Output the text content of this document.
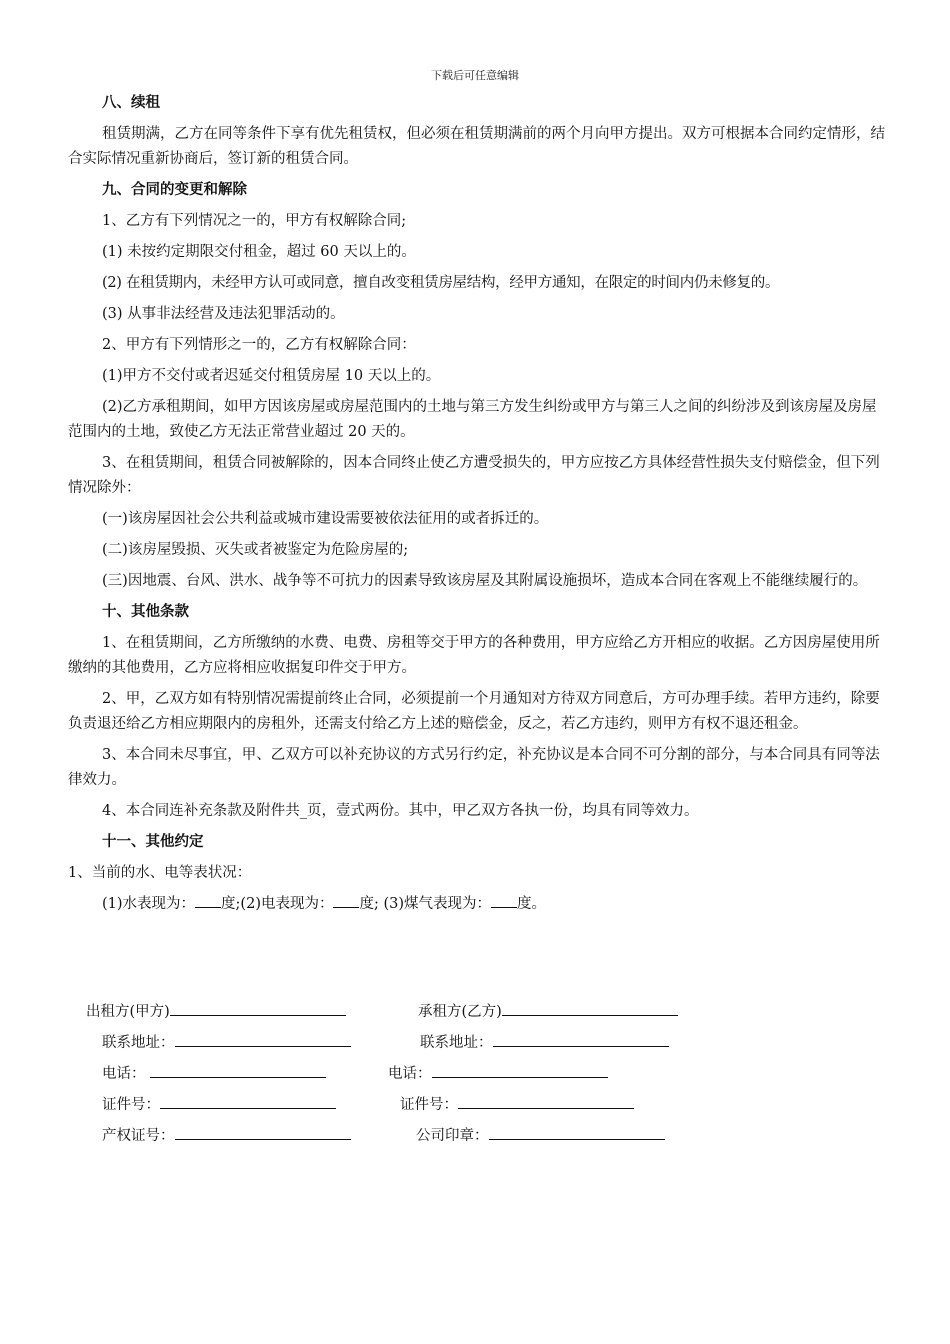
下载后可任意编辑

八、续租

租赁期满，乙方在同等条件下享有优先租赁权，但必须在租赁期满前的两个月向甲方提出。双方可根据本合同约定情形，结合实际情况重新协商后，签订新的租赁合同。

九、合同的变更和解除

1、乙方有下列情况之一的，甲方有权解除合同;

(1) 未按约定期限交付租金，超过 60 天以上的。

(2) 在租赁期内，未经甲方认可或同意，擅自改变租赁房屋结构，经甲方通知，在限定的时间内仍未修复的。

(3) 从事非法经营及违法犯罪活动的。

2、甲方有下列情形之一的，乙方有权解除合同：

(1)甲方不交付或者迟延交付租赁房屋 10 天以上的。

(2)乙方承租期间，如甲方因该房屋或房屋范围内的土地与第三方发生纠纷或甲方与第三人之间的纠纷涉及到该房屋及房屋范围内的土地，致使乙方无法正常营业超过 20 天的。

3、在租赁期间，租赁合同被解除的，因本合同终止使乙方遭受损失的，甲方应按乙方具体经营性损失支付赔偿金，但下列情况除外：

(一)该房屋因社会公共利益或城市建设需要被依法征用的或者拆迁的。

(二)该房屋毁损、灭失或者被鉴定为危险房屋的;

(三)因地震、台风、洪水、战争等不可抗力的因素导致该房屋及其附属设施损坏，造成本合同在客观上不能继续履行的。

十、其他条款

1、在租赁期间，乙方所缴纳的水费、电费、房租等交于甲方的各种费用，甲方应给乙方开相应的收据。乙方因房屋使用所缴纳的其他费用，乙方应将相应收据复印件交于甲方。

2、甲，乙双方如有特别情况需提前终止合同，必须提前一个月通知对方待双方同意后，方可办理手续。若甲方违约，除要负责退还给乙方相应期限内的房租外，还需支付给乙方上述的赔偿金，反之，若乙方违约，则甲方有权不退还租金。

3、本合同未尽事宜，甲、乙双方可以补充协议的方式另行约定，补充协议是本合同不可分割的部分，与本合同具有同等法律效力。

4、本合同连补充条款及附件共_页，壹式两份。其中，甲乙双方各执一份，均具有同等效力。

十一、其他约定

1、当前的水、电等表状况：

(1)水表现为： 度;(2)电表现为： 度; (3)煤气表现为： 度。

出租方(甲方)	承租方(乙方)
联系地址：	联系地址：
电话：	电话：
证件号：	证件号：
产权证号：	公司印章：
